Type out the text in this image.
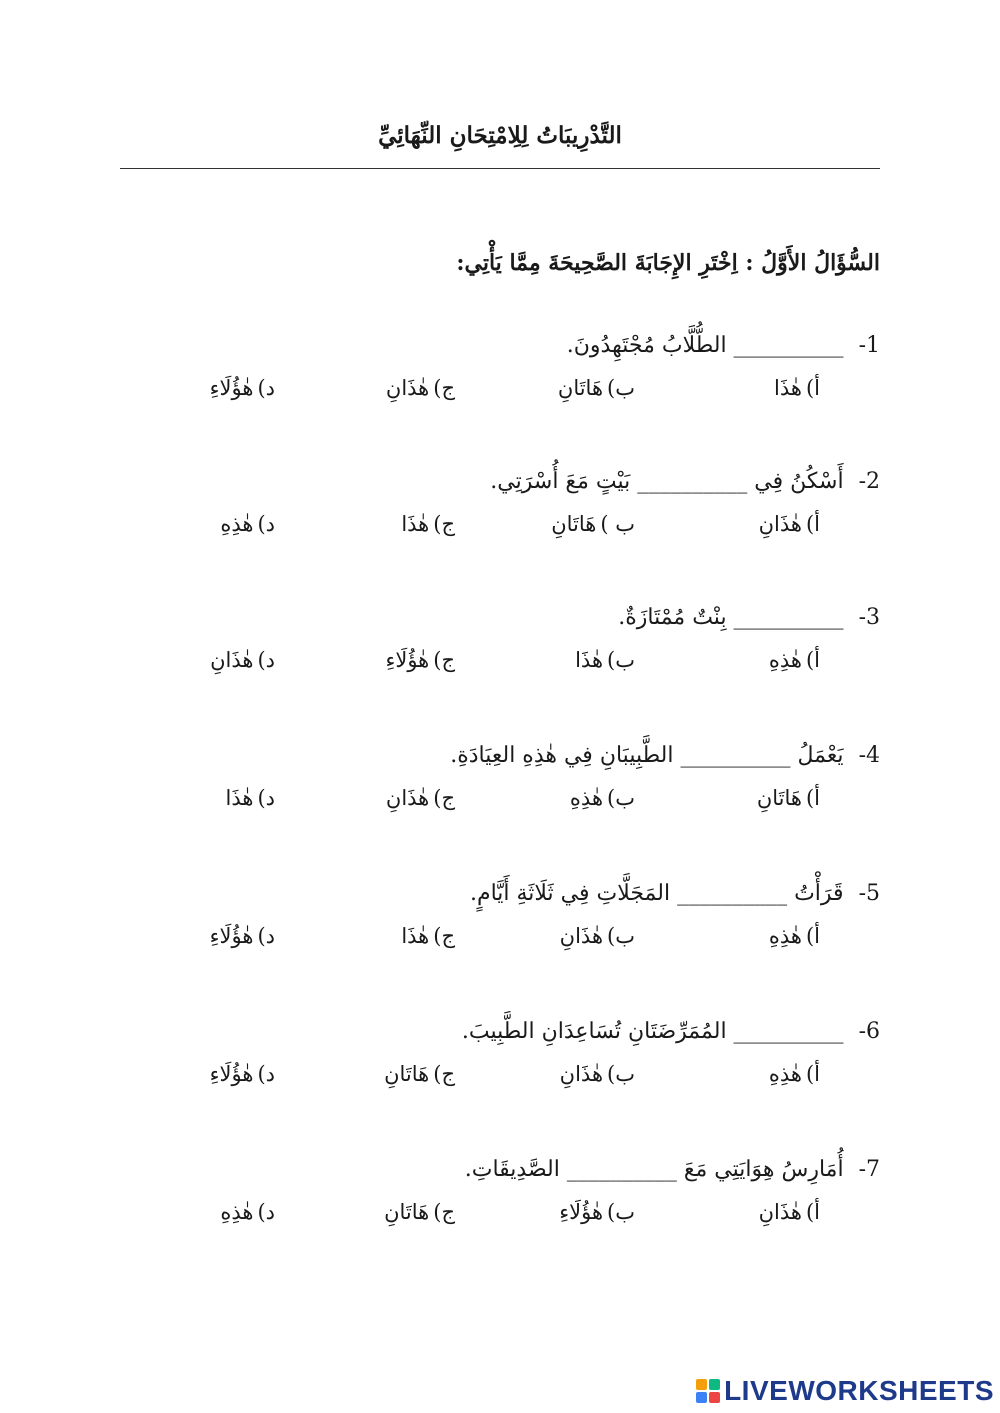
التَّدْرِيبَاتُ لِلِامْتِحَانِ النِّهَائِيِّ
السُّؤَالُ الأَوَّلُ : اِخْتَرِ الإِجَابَةَ الصَّحِيحَةَ مِمَّا يَأْتِي:
-1 __________ الطُّلَّابُ مُجْتَهِدُونَ.
أ)هٰذَا
ب)هَاتَانِ
ج)هٰذَانِ
د)هٰؤُلَاءِ
-2 أَسْكُنُ فِي __________ بَيْتٍ مَعَ أُسْرَتِي.
أ)هٰذَانِ
ب )هَاتَانِ
ج)هٰذَا
د)هٰذِهِ
-3 __________ بِنْتٌ مُمْتَازَةٌ.
أ)هٰذِهِ
ب)هٰذَا
ج)هٰؤُلَاءِ
د)هٰذَانِ
-4 يَعْمَلُ __________ الطَّبِيبَانِ فِي هٰذِهِ العِيَادَةِ.
أ)هَاتَانِ
ب)هٰذِهِ
ج)هٰذَانِ
د)هٰذَا
-5 قَرَأْتُ __________ المَجَلَّاتِ فِي ثَلَاثَةِ أَيَّامٍ.
أ)هٰذِهِ
ب)هٰذَانِ
ج)هٰذَا
د)هٰؤُلَاءِ
-6 __________ المُمَرِّضَتَانِ تُسَاعِدَانِ الطَّبِيبَ.
أ)هٰذِهِ
ب)هٰذَانِ
ج)هَاتَانِ
د)هٰؤُلَاءِ
-7 أُمَارِسُ هِوَايَتِي مَعَ __________ الصَّدِيقَاتِ.
أ)هٰذَانِ
ب)هٰؤُلَاءِ
ج)هَاتَانِ
د)هٰذِهِ
LIVEWORKSHEETS
